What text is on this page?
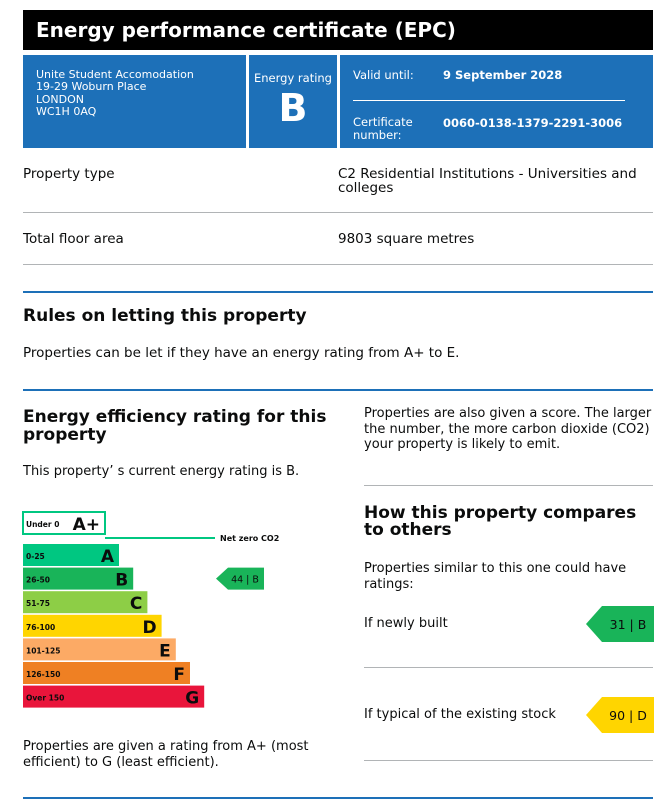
Energy performance certificate (EPC)
Unite Student Accomodation
19-29 Woburn Place
LONDON
WC1H 0AQ
Energy rating
B
Valid until:	9 September 2028
Certificate number:
0060-0138-1379-2291-3006
Property type	C2 Residential Institutions - Universities and colleges
Total floor area	9803 square metres
Rules on letting this property
Properties can be let if they have an energy rating from A+ to E.
Energy efficiency rating for this property
This property’ s current energy rating is B.
Properties are also given a score. The larger the number, the more carbon dioxide (CO2) your property is likely to emit.
Net zero CO2
Under 0 A+
0-25	A
26-50	B
51-75	C
76-100	D
101-125	E
126-150	F
Over 150	G
44 | B
Properties are given a rating from A+ (most efficient) to G (least efficient).
How this property compares to others
Properties similar to this one could have ratings:
If newly built	31 | B
If typical of the existing stock	90 | D
